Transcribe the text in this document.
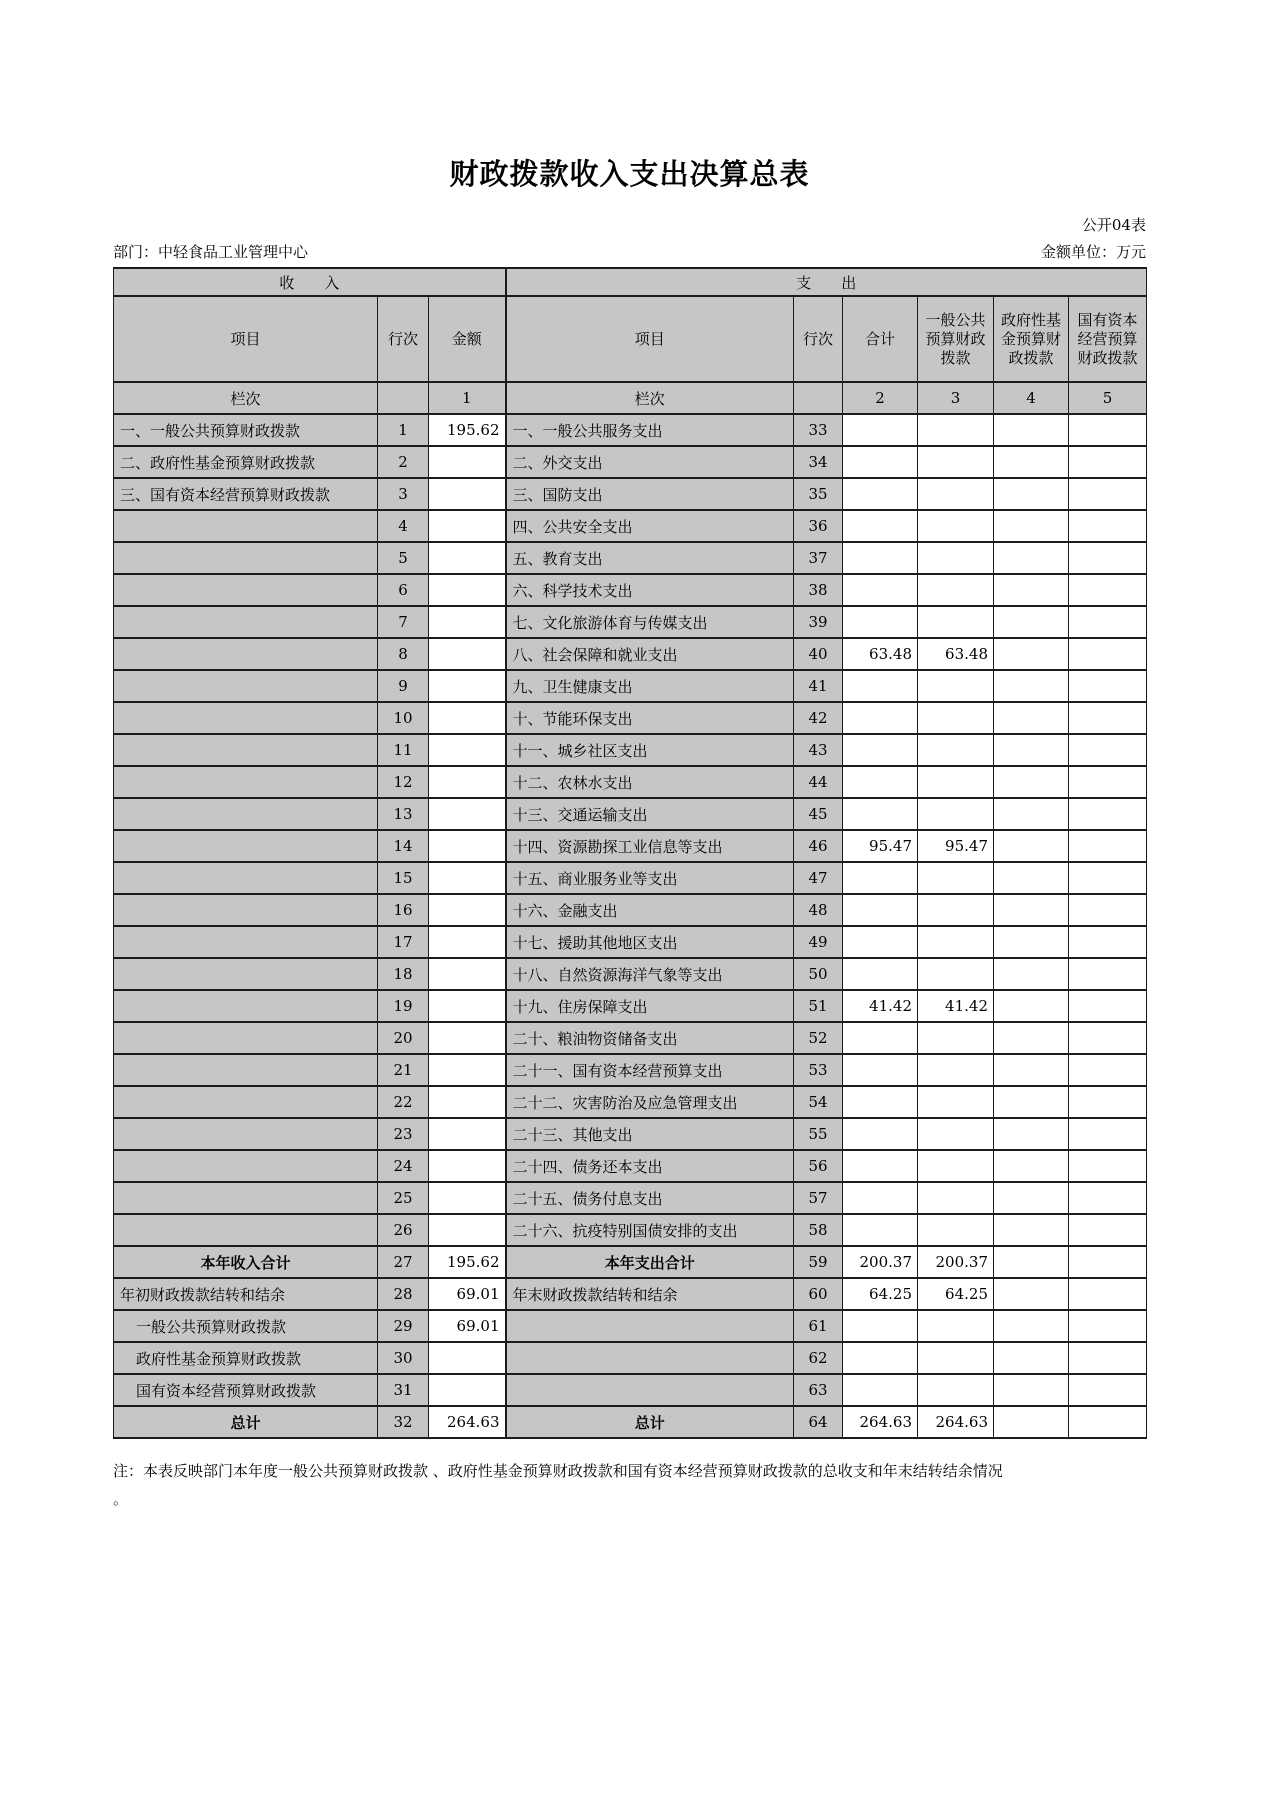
财政拨款收入支出决算总表
公开04表
部门：中轻食品工业管理中心	金额单位：万元
收　　入			支　　出					
项目	行次	金额	项目	行次	合计	一般公共预算财政拨款	政府性基金预算财政拨款	国有资本经营预算财政拨款
栏次		1	栏次		2	3	4	5
一、一般公共预算财政拨款	1	195.62	一、一般公共服务支出	33				
二、政府性基金预算财政拨款	2		二、外交支出	34				
三、国有资本经营预算财政拨款	3		三、国防支出	35				
	4		四、公共安全支出	36				
	5		五、教育支出	37				
	6		六、科学技术支出	38				
	7		七、文化旅游体育与传媒支出	39				
	8		八、社会保障和就业支出	40	63.48	63.48		
	9		九、卫生健康支出	41				
	10		十、节能环保支出	42				
	11		十一、城乡社区支出	43				
	12		十二、农林水支出	44				
	13		十三、交通运输支出	45				
	14		十四、资源勘探工业信息等支出	46	95.47	95.47		
	15		十五、商业服务业等支出	47				
	16		十六、金融支出	48				
	17		十七、援助其他地区支出	49				
	18		十八、自然资源海洋气象等支出	50				
	19		十九、住房保障支出	51	41.42	41.42		
	20		二十、粮油物资储备支出	52				
	21		二十一、国有资本经营预算支出	53				
	22		二十二、灾害防治及应急管理支出	54				
	23		二十三、其他支出	55				
	24		二十四、债务还本支出	56				
	25		二十五、债务付息支出	57				
	26		二十六、抗疫特别国债安排的支出	58				
本年收入合计	27	195.62	本年支出合计	59	200.37	200.37		
年初财政拨款结转和结余	28	69.01	年末财政拨款结转和结余	60	64.25	64.25		
一般公共预算财政拨款	29	69.01		61				
政府性基金预算财政拨款	30			62				
国有资本经营预算财政拨款	31			63				
总计	32	264.63	总计	64	264.63	264.63		
注：本表反映部门本年度一般公共预算财政拨款 、政府性基金预算财政拨款和国有资本经营预算财政拨款的总收支和年末结转结余情况
。
